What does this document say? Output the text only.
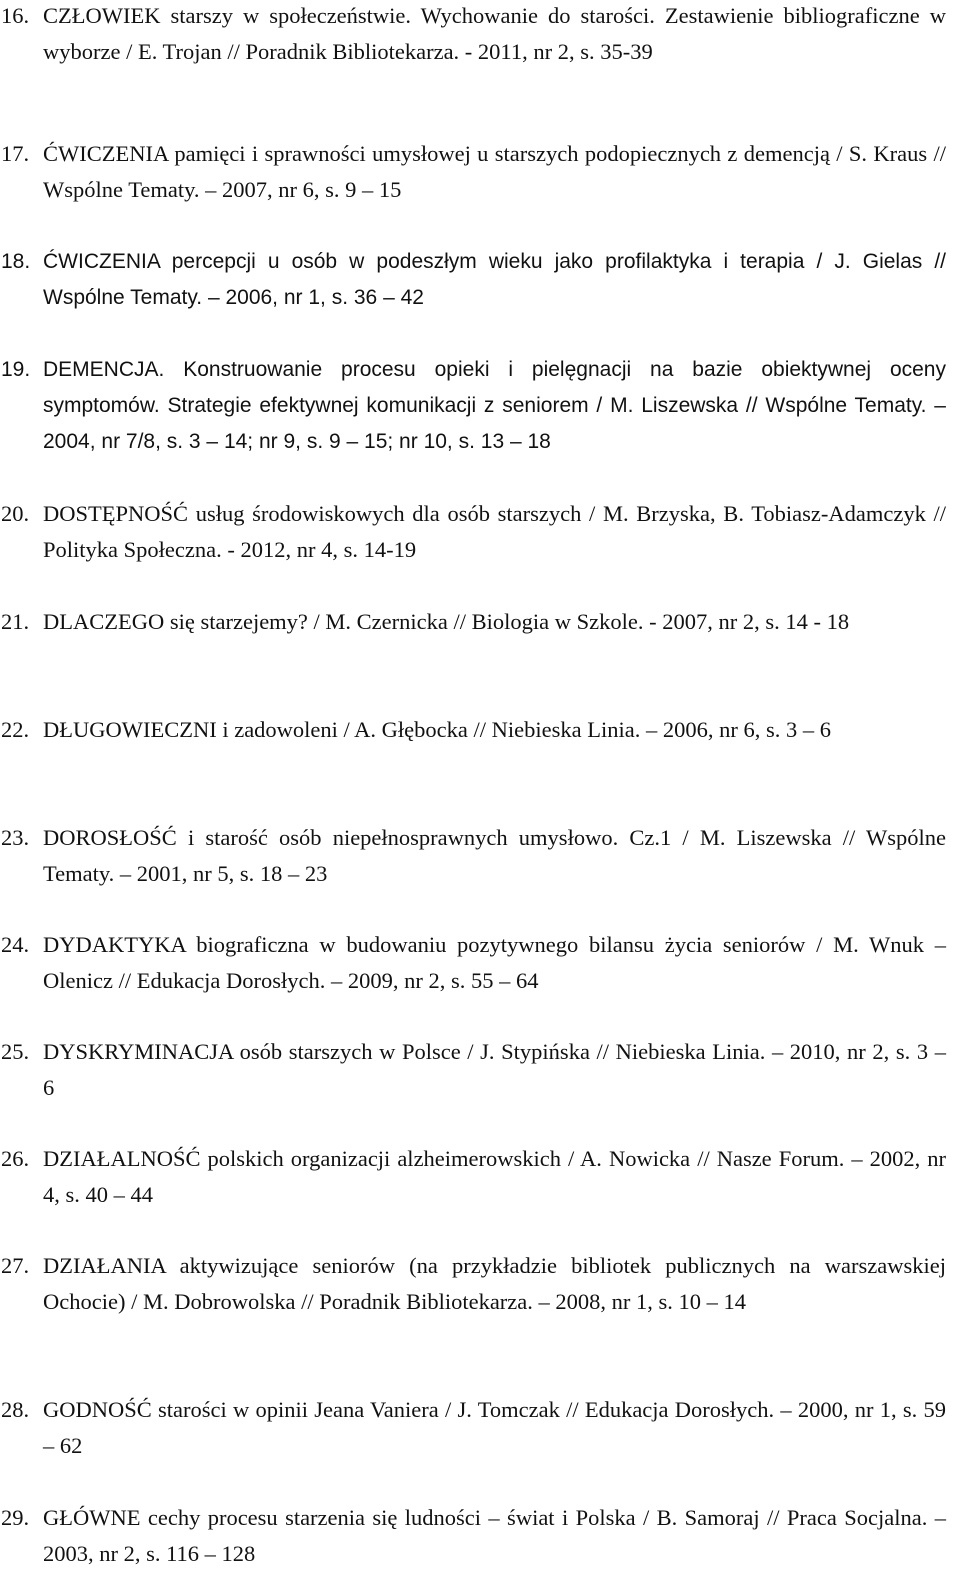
16. CZŁOWIEK starszy w społeczeństwie. Wychowanie do starości. Zestawienie bibliograficzne w wyborze / E. Trojan // Poradnik Bibliotekarza. - 2011, nr 2, s. 35-39
17. ĆWICZENIA pamięci i sprawności umysłowej u starszych podopiecznych z demencją / S. Kraus // Wspólne Tematy. – 2007, nr 6, s. 9 – 15
18. ĆWICZENIA percepcji u osób w podeszłym wieku jako profilaktyka i terapia / J. Gielas // Wspólne Tematy. – 2006, nr 1, s. 36 – 42
19. DEMENCJA. Konstruowanie procesu opieki i pielęgnacji na bazie obiektywnej oceny symptomów. Strategie efektywnej komunikacji z seniorem / M. Liszewska // Wspólne Tematy. – 2004, nr 7/8, s. 3 – 14; nr 9, s. 9 – 15; nr 10, s. 13 – 18
20. DOSTĘPNOŚĆ usług środowiskowych dla osób starszych / M. Brzyska, B. Tobiasz-Adamczyk // Polityka Społeczna. - 2012, nr 4, s. 14-19
21. DLACZEGO się starzejemy? / M. Czernicka // Biologia w Szkole. - 2007, nr 2, s. 14 - 18
22. DŁUGOWIECZNI i zadowoleni / A. Głębocka // Niebieska Linia. – 2006, nr 6, s. 3 – 6
23. DOROSŁOŚĆ i starość osób niepełnosprawnych umysłowo. Cz.1 / M. Liszewska // Wspólne Tematy. – 2001, nr 5, s. 18 – 23
24. DYDAKTYKA biograficzna w budowaniu pozytywnego bilansu życia seniorów / M. Wnuk – Olenicz // Edukacja Dorosłych. – 2009, nr 2, s. 55 – 64
25. DYSKRYMINACJA osób starszych w Polsce / J. Stypińska // Niebieska Linia. – 2010, nr 2, s. 3 – 6
26. DZIAŁALNOŚĆ polskich organizacji alzheimerowskich / A. Nowicka // Nasze Forum. – 2002, nr 4, s. 40 – 44
27. DZIAŁANIA aktywizujące seniorów (na przykładzie bibliotek publicznych na warszawskiej Ochocie) / M. Dobrowolska // Poradnik Bibliotekarza. – 2008, nr 1, s. 10 – 14
28. GODNOŚĆ starości w opinii Jeana Vaniera / J. Tomczak // Edukacja Dorosłych. – 2000, nr 1, s. 59 – 62
29. GŁÓWNE cechy procesu starzenia się ludności – świat i Polska / B. Samoraj // Praca Socjalna. – 2003, nr 2, s. 116 – 128
